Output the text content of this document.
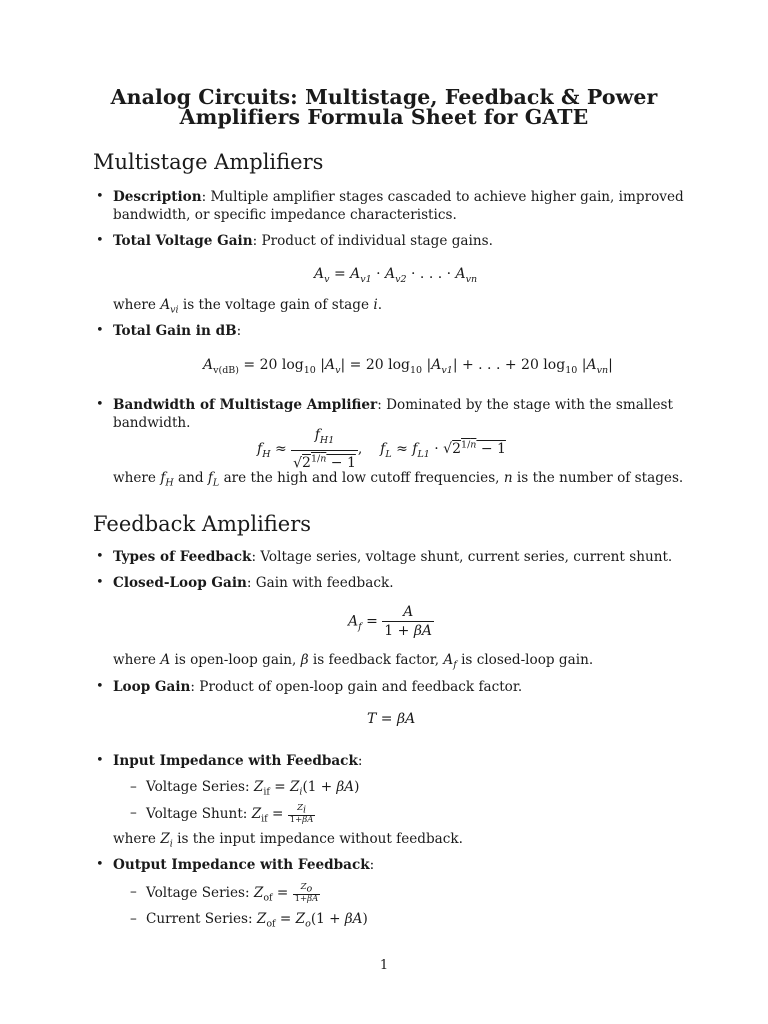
Analog Circuits: Multistage, Feedback & Power
Amplifiers Formula Sheet for GATE
Multistage Amplifiers
• Description: Multiple amplifier stages cascaded to achieve higher gain, improved
bandwidth, or specific impedance characteristics.
• Total Voltage Gain: Product of individual stage gains.
$A_v = A_{v1} \cdot A_{v2}$ · . . . · $A_{vn}$
where $A_{vi}$ is the voltage gain of stage i.
• Total Gain in dB:
$A_{v(dB)} = 20$ $\log_{10} |A_v| = 20$ $\log_{10} |A_{v1}|$ + . . . + 20 $\log_{10} |A_{vn}|$
• Bandwidth of Multistage Amplifier: Dominated by the stage with the smallest
bandwidth.
$f_H \approx \frac{f_{H1}}{√2^{1/n} - 1}$ ,    $f_L \approx f_{L1} \cdot √2^{1/n} - 1$
where $f_H$ and $f_L$ are the high and low cutoff frequencies, n is the number of stages.
Feedback Amplifiers
• Types of Feedback: Voltage series, voltage shunt, current series, current shunt.
• Closed-Loop Gain: Gain with feedback.
$A_f = \frac{A}{1 + \beta A}$
where A is open-loop gain, β is feedback factor, $A_f$ is closed-loop gain.
• Loop Gain: Product of open-loop gain and feedback factor.
T = βA
• Input Impedance with Feedback:
– Voltage Series: $Z_{if} = Z_i(1 + \beta A)$
– Voltage Shunt: $Z_{if} = \frac{Z_i}{1+\beta A}$
where $Z_i$ is the input impedance without feedback.
• Output Impedance with Feedback:
– Voltage Series: $Z_{of} = \frac{Z_o}{1+\beta A}$
– Current Series: $Z_{of} = Z_o(1 + \beta A)$
1
